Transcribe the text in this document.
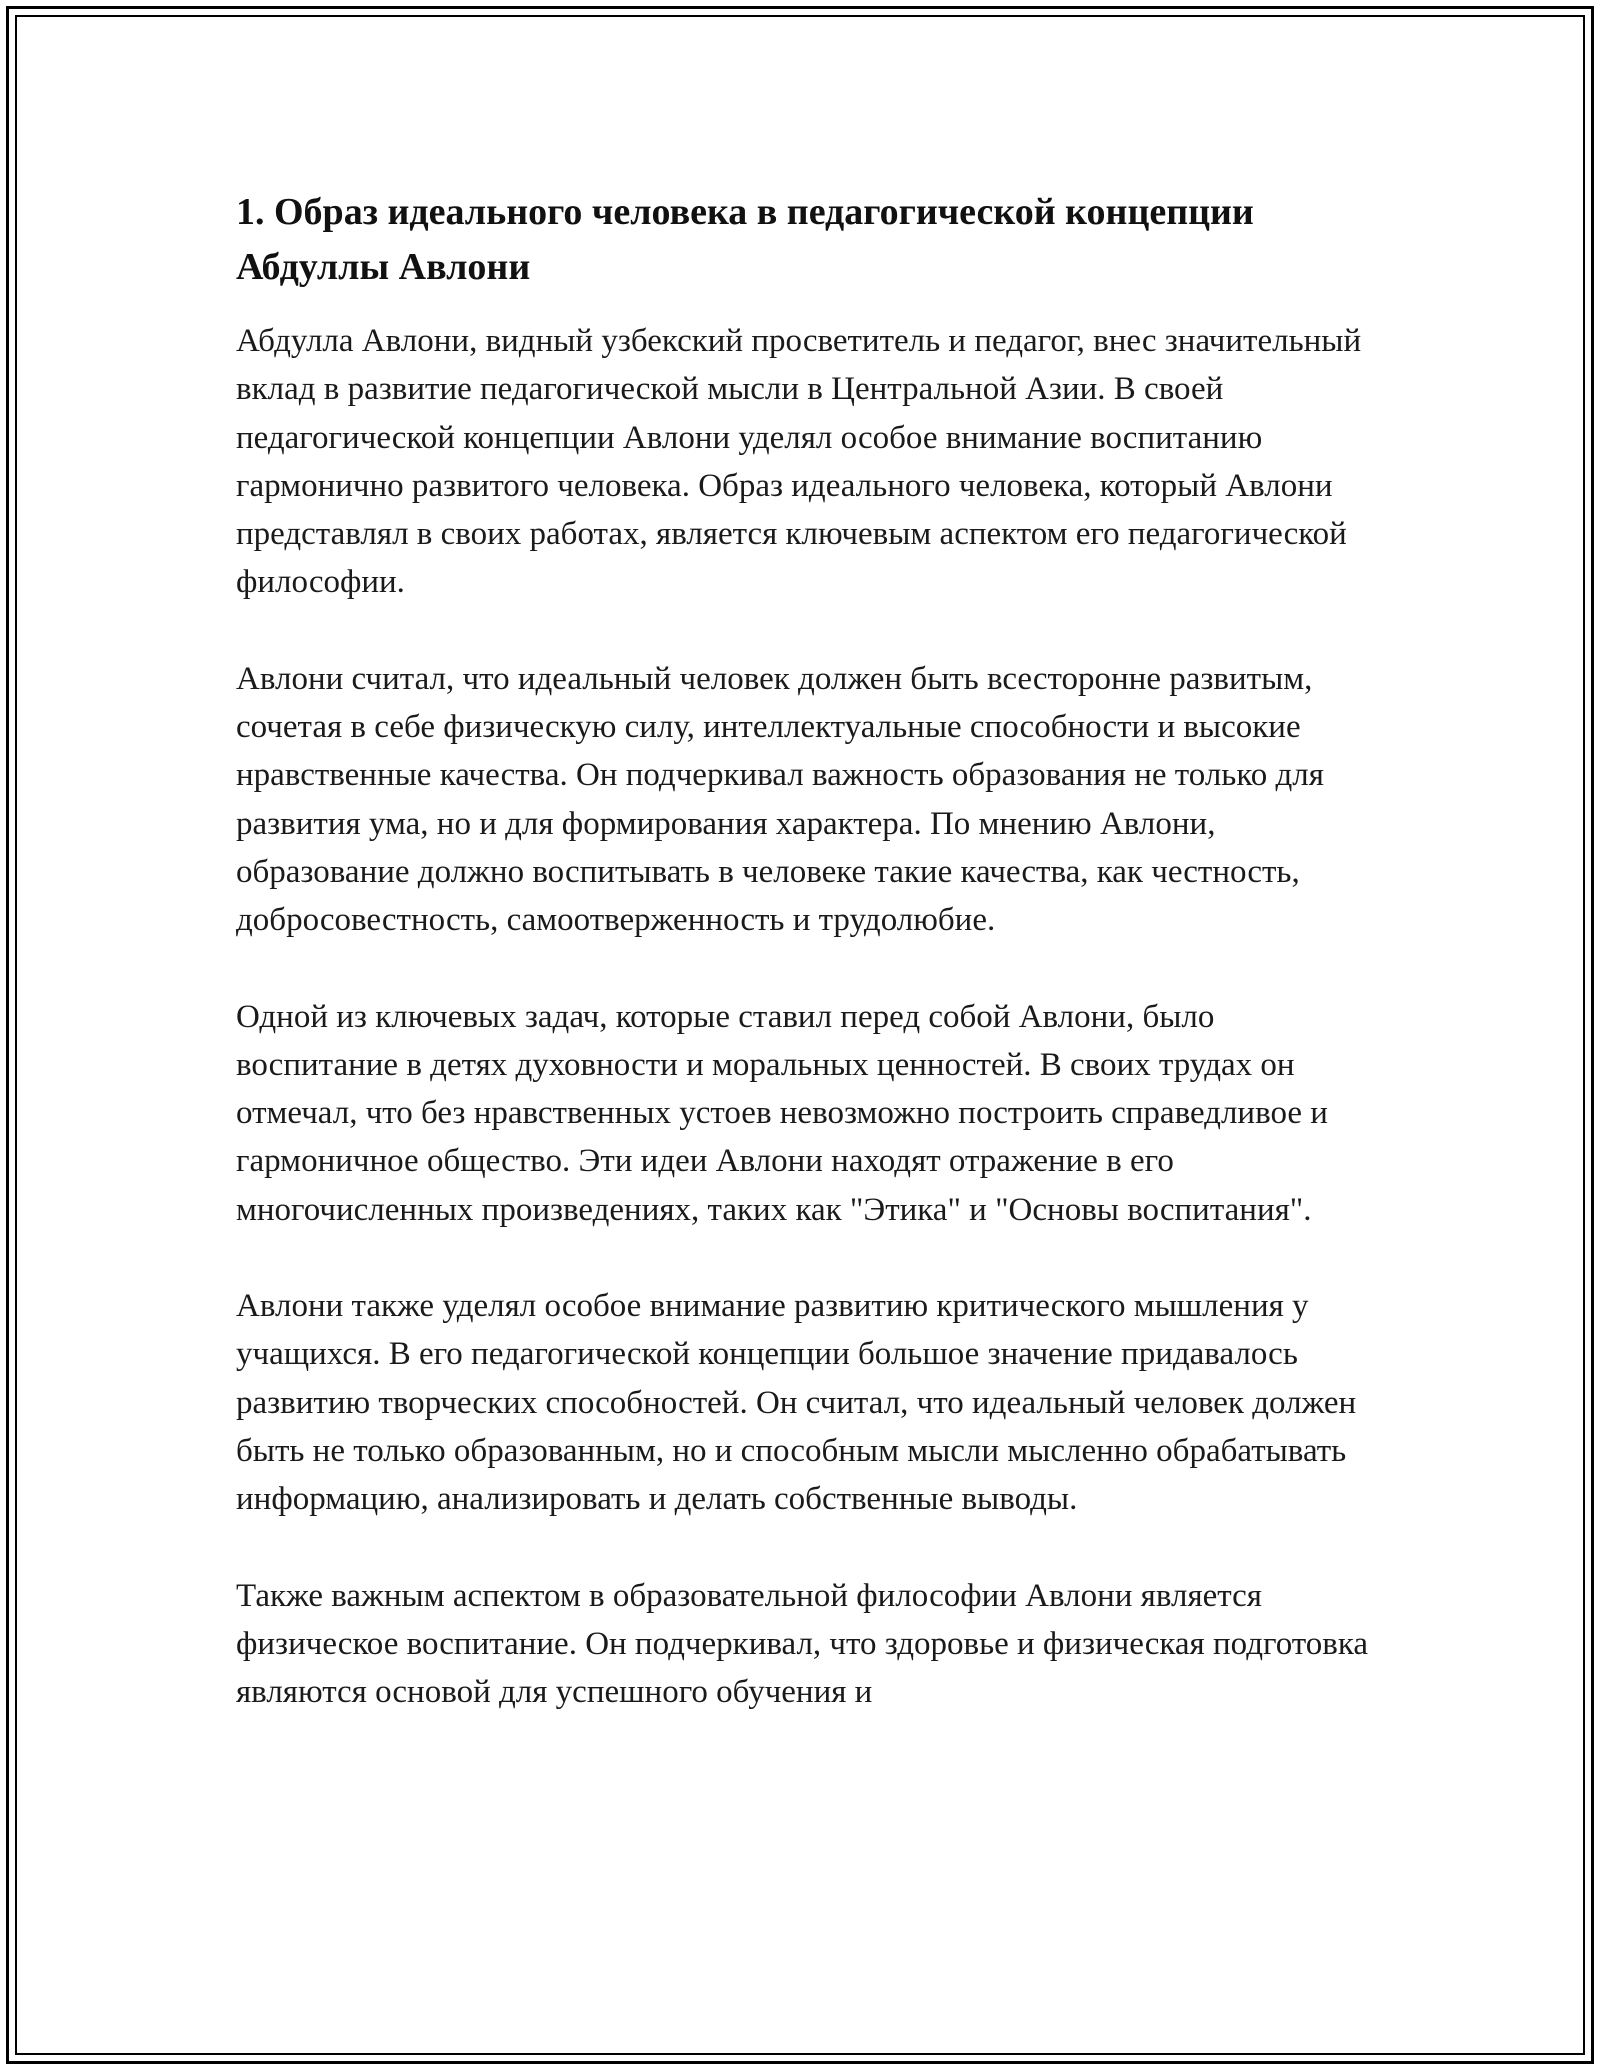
1. Образ идеального человека в педагогической концепции Абдуллы Авлони

Абдулла Авлони, видный узбекский просветитель и педагог, внес значительный вклад в развитие педагогической мысли в Центральной Азии. В своей педагогической концепции Авлони уделял особое внимание воспитанию гармонично развитого человека. Образ идеального человека, который Авлони представлял в своих работах, является ключевым аспектом его педагогической философии.

Авлони считал, что идеальный человек должен быть всесторонне развитым, сочетая в себе физическую силу, интеллектуальные способности и высокие нравственные качества. Он подчеркивал важность образования не только для развития ума, но и для формирования характера. По мнению Авлони, образование должно воспитывать в человеке такие качества, как честность, добросовестность, самоотверженность и трудолюбие.

Одной из ключевых задач, которые ставил перед собой Авлони, было воспитание в детях духовности и моральных ценностей. В своих трудах он отмечал, что без нравственных устоев невозможно построить справедливое и гармоничное общество. Эти идеи Авлони находят отражение в его многочисленных произведениях, таких как "Этика" и "Основы воспитания".

Авлони также уделял особое внимание развитию критического мышления у учащихся. В его педагогической концепции большое значение придавалось развитию творческих способностей. Он считал, что идеальный человек должен быть не только образованным, но и способным мысли мысленно обрабатывать информацию, анализировать и делать собственные выводы.

Также важным аспектом в образовательной философии Авлони является физическое воспитание. Он подчеркивал, что здоровье и физическая подготовка являются основой для успешного обучения и
